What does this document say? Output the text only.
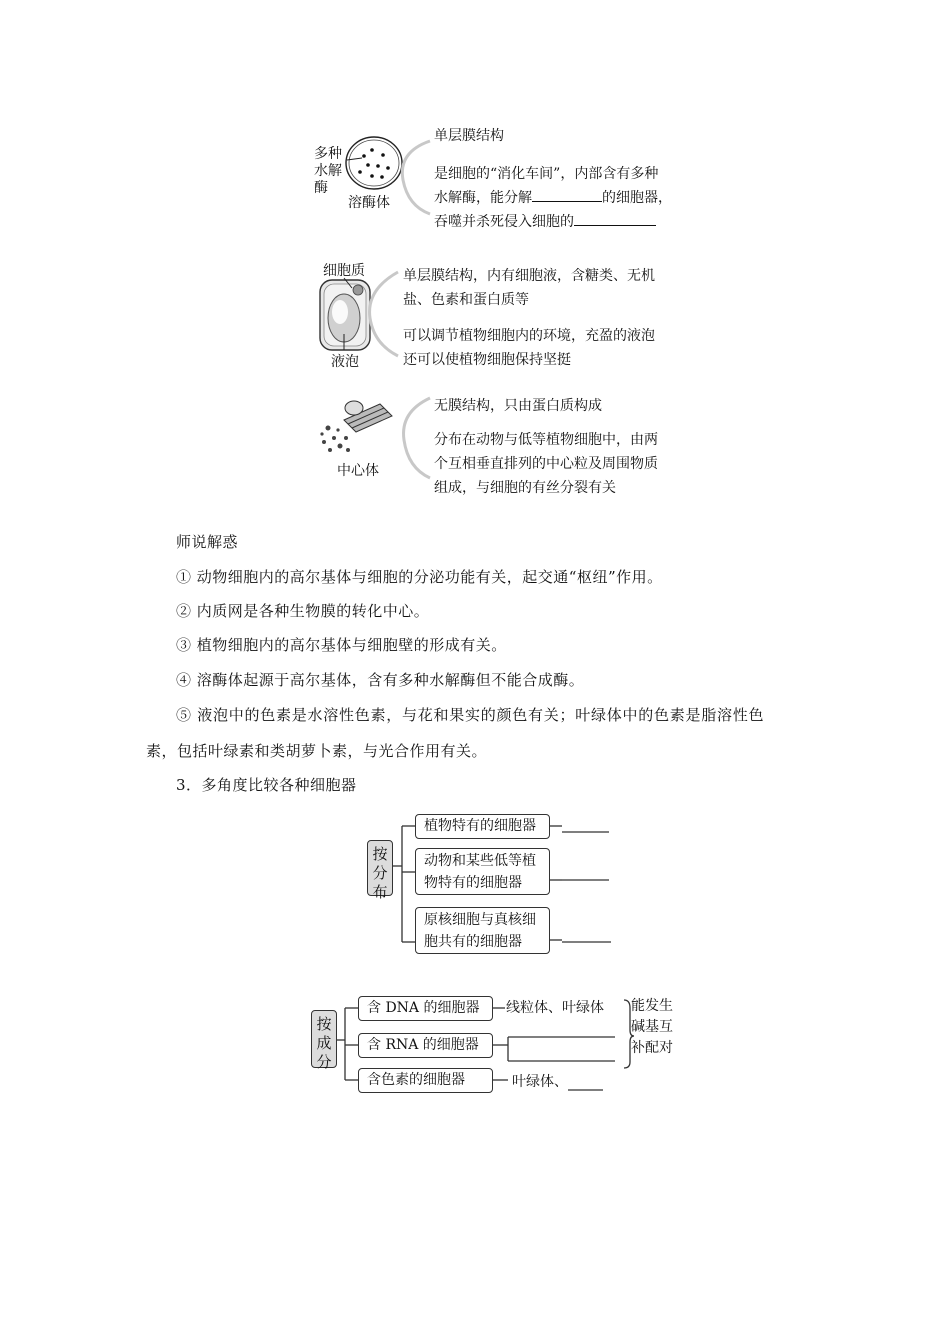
多种
水解
酶
溶酶体
单层膜结构
是细胞的“消化车间”，内部含有多种
水解酶，能分解	的细胞器，
吞噬并杀死侵入细胞的
细胞质
液泡
单层膜结构，内有细胞液，含糖类、无机
盐、色素和蛋白质等
可以调节植物细胞内的环境，充盈的液泡
还可以使植物细胞保持坚挺
中心体
无膜结构，只由蛋白质构成
分布在动物与低等植物细胞中，由两
个互相垂直排列的中心粒及周围物质
组成，与细胞的有丝分裂有关
师说解惑
① 动物细胞内的高尔基体与细胞的分泌功能有关，起交通“枢纽”作用。
② 内质网是各种生物膜的转化中心。
③ 植物细胞内的高尔基体与细胞壁的形成有关。
④ 溶酶体起源于高尔基体，含有多种水解酶但不能合成酶。
⑤ 液泡中的色素是水溶性色素，与花和果实的颜色有关；叶绿体中的色素是脂溶性色
素，包括叶绿素和类胡萝卜素，与光合作用有关。
3．多角度比较各种细胞器
按
分
布
植物特有的细胞器
动物和某些低等植
物特有的细胞器
原核细胞与真核细
胞共有的细胞器
按
成
分
含 DNA 的细胞器	线粒体、叶绿体
含 RNA 的细胞器
含色素的细胞器	叶绿体、
能发生
碱基互
补配对
